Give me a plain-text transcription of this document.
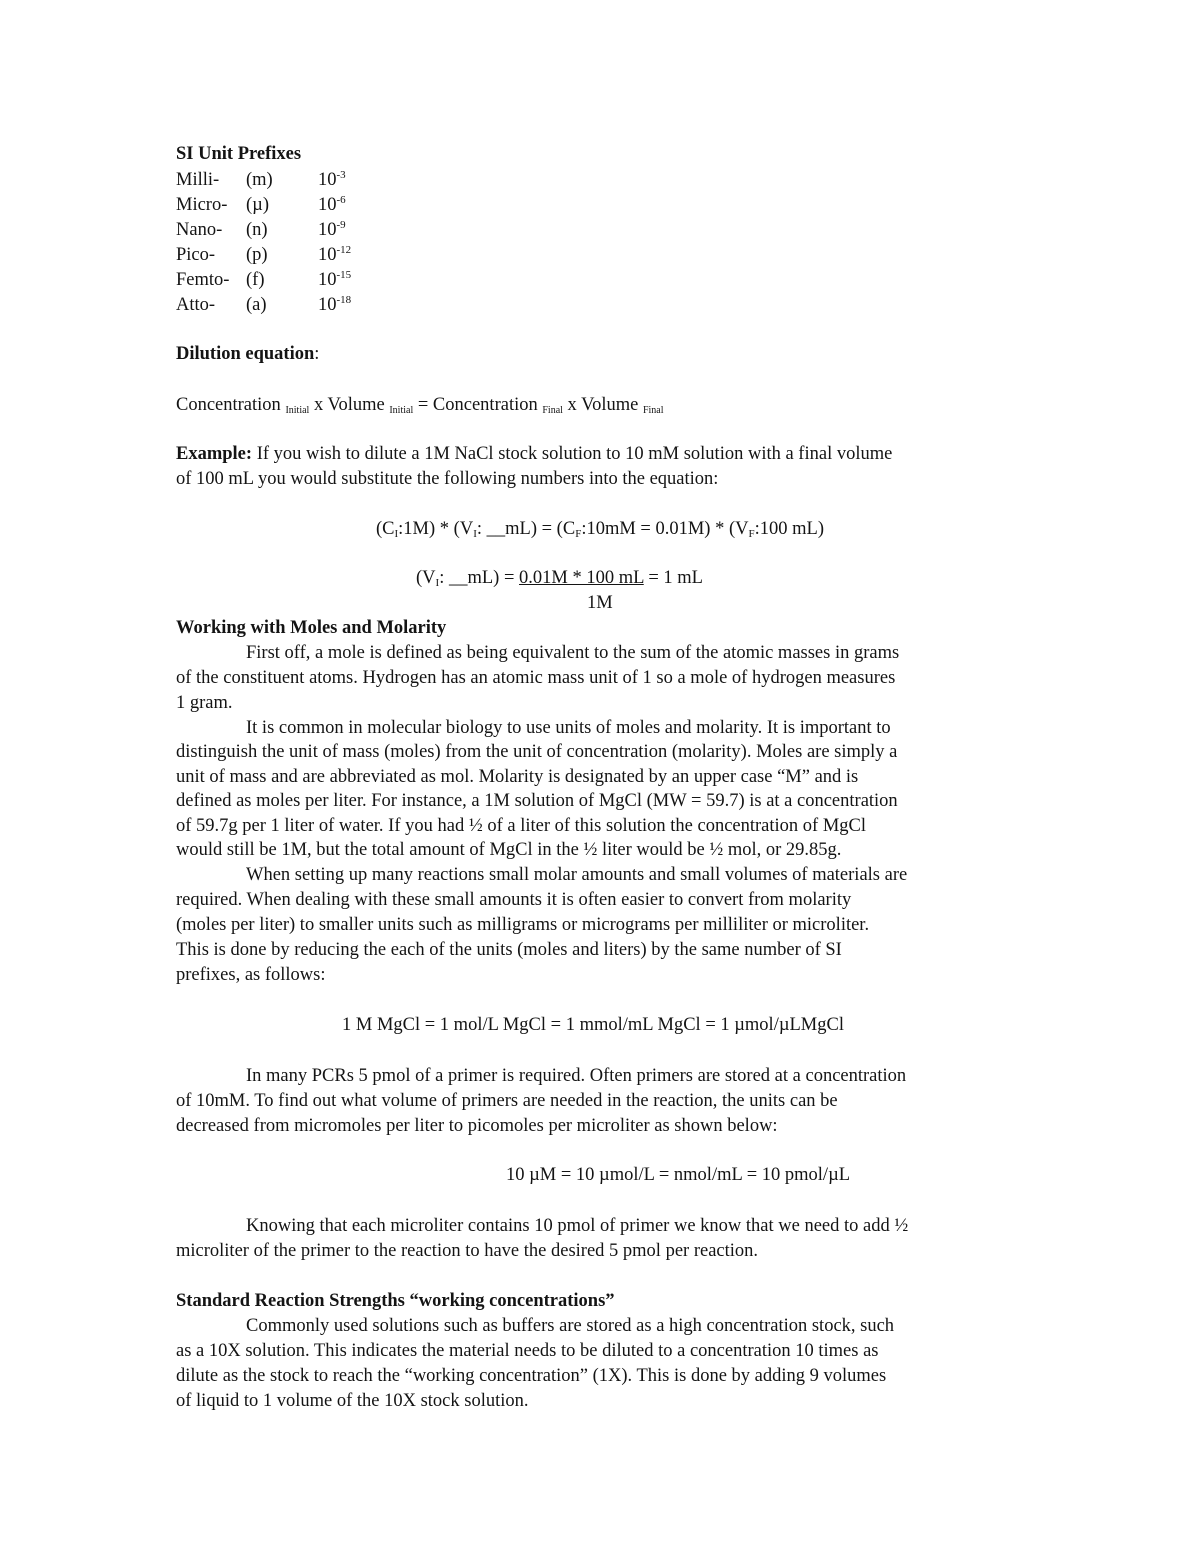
SI Unit Prefixes
Milli- (m) $10^{-3}$
Micro- (µ)	$10^{-6}$
Nano- (n)	$10^{-9}$
Pico- (p)	$10^{-12}$
Femto- (f)	$10^{-15}$
Atto- (a)	$10^{-18}$
Dilution equation:
Concentration $_{Initial}$ x Volume $_{Initial}$ = Concentration $_{Final}$ x Volume $_{Final}$
Example: If you wish to dilute a 1M NaCl stock solution to 10 mM solution with a final volume
of 100 mL you would substitute the following numbers into the equation:
$(C_I:1M) * (V_I$: __mL) = $(C_F:10mM = 0.01M)$ * ($V_F:100$ mL)
($V_I$: __mL) = 0.01M * 100 mL = 1 mL
1M
Working with Moles and Molarity
First off, a mole is defined as being equivalent to the sum of the atomic masses in grams
of the constituent atoms. Hydrogen has an atomic mass unit of 1 so a mole of hydrogen measures
1 gram.
It is common in molecular biology to use units of moles and molarity. It is important to
distinguish the unit of mass (moles) from the unit of concentration (molarity). Moles are simply a
unit of mass and are abbreviated as mol. Molarity is designated by an upper case “M” and is
defined as moles per liter. For instance, a 1M solution of MgCl (MW = 59.7) is at a concentration
of 59.7g per 1 liter of water. If you had ½ of a liter of this solution the concentration of MgCl
would still be 1M, but the total amount of MgCl in the ½ liter would be ½ mol, or 29.85g.
When setting up many reactions small molar amounts and small volumes of materials are
required. When dealing with these small amounts it is often easier to convert from molarity
(moles per liter) to smaller units such as milligrams or micrograms per milliliter or microliter.
This is done by reducing the each of the units (moles and liters) by the same number of SI
prefixes, as follows:
1 M MgCl = 1 mol/L MgCl = 1 mmol/mL MgCl = 1 µmol/µLMgCl
In many PCRs 5 pmol of a primer is required. Often primers are stored at a concentration
of 10mM. To find out what volume of primers are needed in the reaction, the units can be
decreased from micromoles per liter to picomoles per microliter as shown below:
10 µM = 10 µmol/L = nmol/mL = 10 pmol/µL
Knowing that each microliter contains 10 pmol of primer we know that we need to add ½
microliter of the primer to the reaction to have the desired 5 pmol per reaction.
Standard Reaction Strengths “working concentrations”
Commonly used solutions such as buffers are stored as a high concentration stock, such
as a 10X solution. This indicates the material needs to be diluted to a concentration 10 times as
dilute as the stock to reach the “working concentration” (1X). This is done by adding 9 volumes
of liquid to 1 volume of the 10X stock solution.
